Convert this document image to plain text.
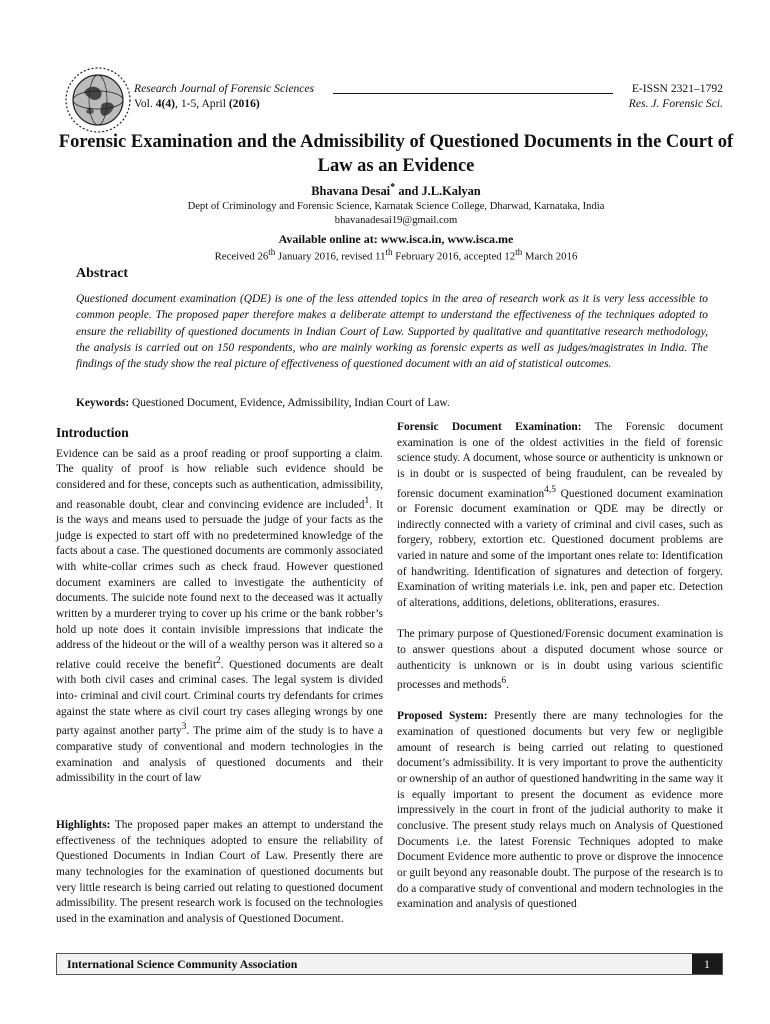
Research Journal of Forensic Sciences
Vol. 4(4), 1-5, April (2016)
E-ISSN 2321–1792
Res. J. Forensic Sci.
Forensic Examination and the Admissibility of Questioned Documents in the Court of Law as an Evidence
Bhavana Desai* and J.L.Kalyan
Dept of Criminology and Forensic Science, Karnatak Science College, Dharwad, Karnataka, India
bhavanadesai19@gmail.com
Available online at: www.isca.in, www.isca.me
Received 26th January 2016, revised 11th February 2016, accepted 12th March 2016
Abstract
Questioned document examination (QDE) is one of the less attended topics in the area of research work as it is very less accessible to common people. The proposed paper therefore makes a deliberate attempt to understand the effectiveness of the techniques adopted to ensure the reliability of questioned documents in Indian Court of Law. Supported by qualitative and quantitative research methodology, the analysis is carried out on 150 respondents, who are mainly working as forensic experts as well as judges/magistrates in India. The findings of the study show the real picture of effectiveness of questioned document with an aid of statistical outcomes.
Keywords: Questioned Document, Evidence, Admissibility, Indian Court of Law.
Introduction

Evidence can be said as a proof reading or proof supporting a claim. The quality of proof is how reliable such evidence should be considered and for these, concepts such as authentication, admissibility, and reasonable doubt, clear and convincing evidence are included$^1$. It is the ways and means used to persuade the judge of your facts as the judge is expected to start off with no predetermined knowledge of the facts about a case. The questioned documents are commonly associated with white-collar crimes such as check fraud. However questioned document examiners are called to investigate the authenticity of documents. The suicide note found next to the deceased was it actually written by a murderer trying to cover up his crime or the bank robber’s hold up note does it contain invisible impressions that indicate the address of the hideout or the will of a wealthy person was it altered so a relative could receive the benefit$^2$. Questioned documents are dealt with both civil cases and criminal cases. The legal system is divided into- criminal and civil court. Criminal courts try defendants for crimes against the state where as civil court try cases alleging wrongs by one party against another party$^3$. The prime aim of the study is to have a comparative study of conventional and modern technologies in the examination and analysis of questioned documents and their admissibility in the court of law

Highlights: The proposed paper makes an attempt to understand the effectiveness of the techniques adopted to ensure the reliability of Questioned Documents in Indian Court of Law. Presently there are many technologies for the examination of questioned documents but very little research is being carried out relating to questioned document admissibility. The present research work is focused on the technologies used in the examination and analysis of Questioned Document.

Forensic Document Examination: The Forensic document examination is one of the oldest activities in the field of forensic science study. A document, whose source or authenticity is unknown or is in doubt or is suspected of being fraudulent, can be revealed by forensic document examination$^{4,5}$ Questioned document examination or Forensic document examination or QDE may be directly or indirectly connected with a variety of criminal and civil cases, such as forgery, robbery, extortion etc. Questioned document problems are varied in nature and some of the important ones relate to: Identification of handwriting. Identification of signatures and detection of forgery. Examination of writing materials i.e. ink, pen and paper etc. Detection of alterations, additions, deletions, obliterations, erasures.

The primary purpose of Questioned/Forensic document examination is to answer questions about a disputed document whose source or authenticity is unknown or is in doubt using various scientific processes and methods$^6$.

Proposed System: Presently there are many technologies for the examination of questioned documents but very few or negligible amount of research is being carried out relating to questioned document’s admissibility. It is very important to prove the authenticity or ownership of an author of questioned handwriting in the same way it is equally important to present the document as evidence more impressively in the court in front of the judicial authority to make it conclusive. The present study relays much on Analysis of Questioned Documents i.e. the latest Forensic Techniques adopted to make Document Evidence more authentic to prove or disprove the innocence or guilt beyond any reasonable doubt. The purpose of the research is to do a comparative study of conventional and modern technologies in the examination and analysis of questioned

International Science Community Association	1
